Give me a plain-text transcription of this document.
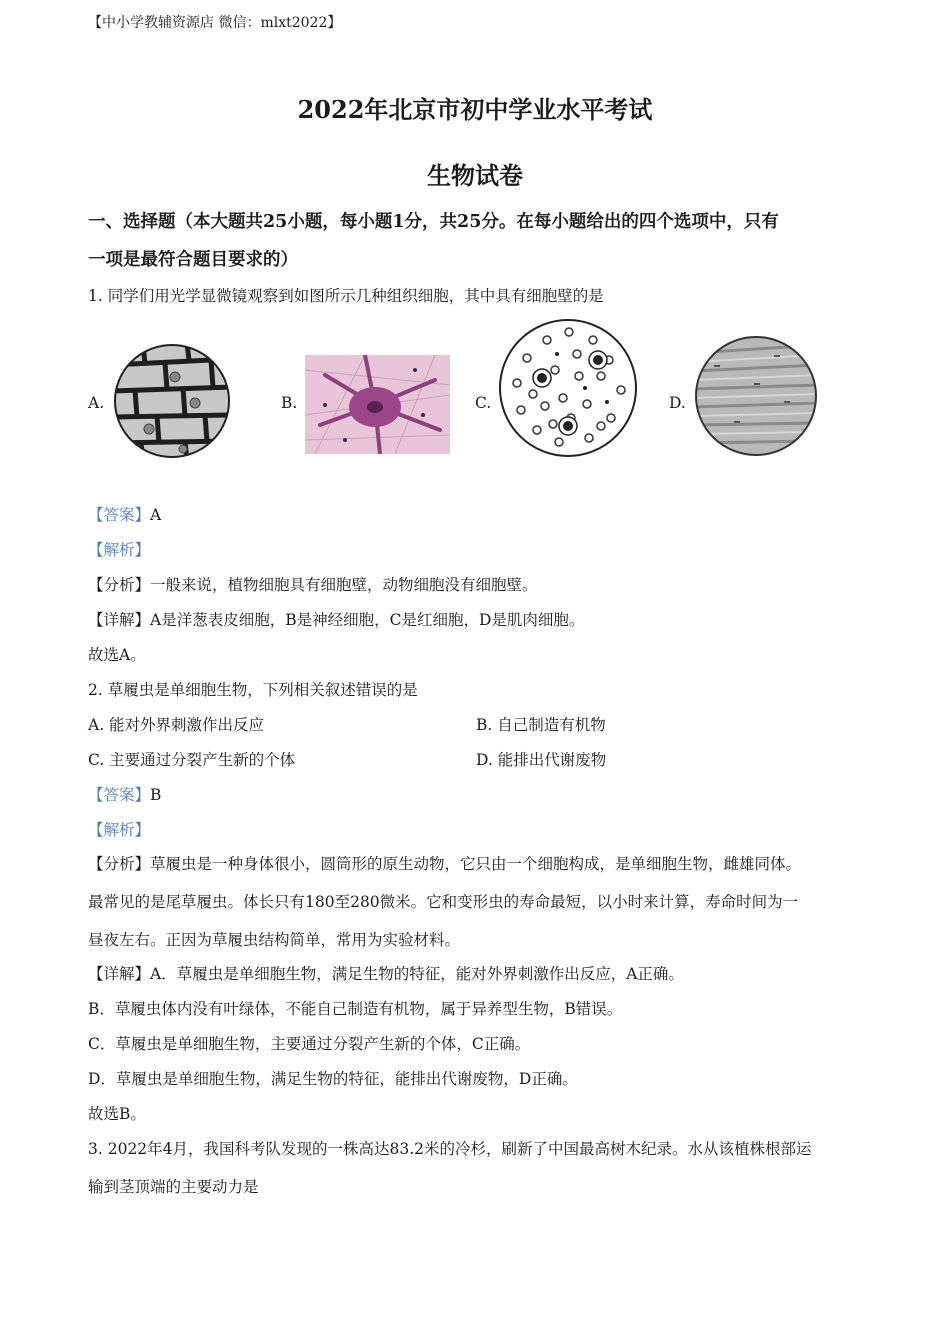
【中小学教辅资源店 微信：mlxt2022】
2022年北京市初中学业水平考试
生物试卷
一、选择题（本大题共25小题，每小题1分，共25分。在每小题给出的四个选项中，只有
一项是最符合题目要求的）
1. 同学们用光学显微镜观察到如图所示几种组织细胞，其中具有细胞壁的是
A.	B.	C.	D.
【答案】A
【解析】
【分析】一般来说，植物细胞具有细胞壁，动物细胞没有细胞壁。
【详解】A是洋葱表皮细胞，B是神经细胞，C是红细胞，D是肌肉细胞。
故选A。
2. 草履虫是单细胞生物，下列相关叙述错误的是
A. 能对外界刺激作出反应	B. 自己制造有机物
C. 主要通过分裂产生新的个体	D. 能排出代谢废物
【答案】B
【解析】
【分析】草履虫是一种身体很小，圆筒形的原生动物，它只由一个细胞构成，是单细胞生物，雌雄同体。
最常见的是尾草履虫。体长只有180至280微米。它和变形虫的寿命最短，以小时来计算，寿命时间为一
昼夜左右。正因为草履虫结构简单，常用为实验材料。
【详解】A．草履虫是单细胞生物，满足生物的特征，能对外界刺激作出反应，A正确。
B．草履虫体内没有叶绿体，不能自己制造有机物，属于异养型生物，B错误。
C．草履虫是单细胞生物，主要通过分裂产生新的个体，C正确。
D．草履虫是单细胞生物，满足生物的特征，能排出代谢废物，D正确。
故选B。
3. 2022年4月，我国科考队发现的一株高达83.2米的冷杉，刷新了中国最高树木纪录。水从该植株根部运
输到茎顶端的主要动力是
